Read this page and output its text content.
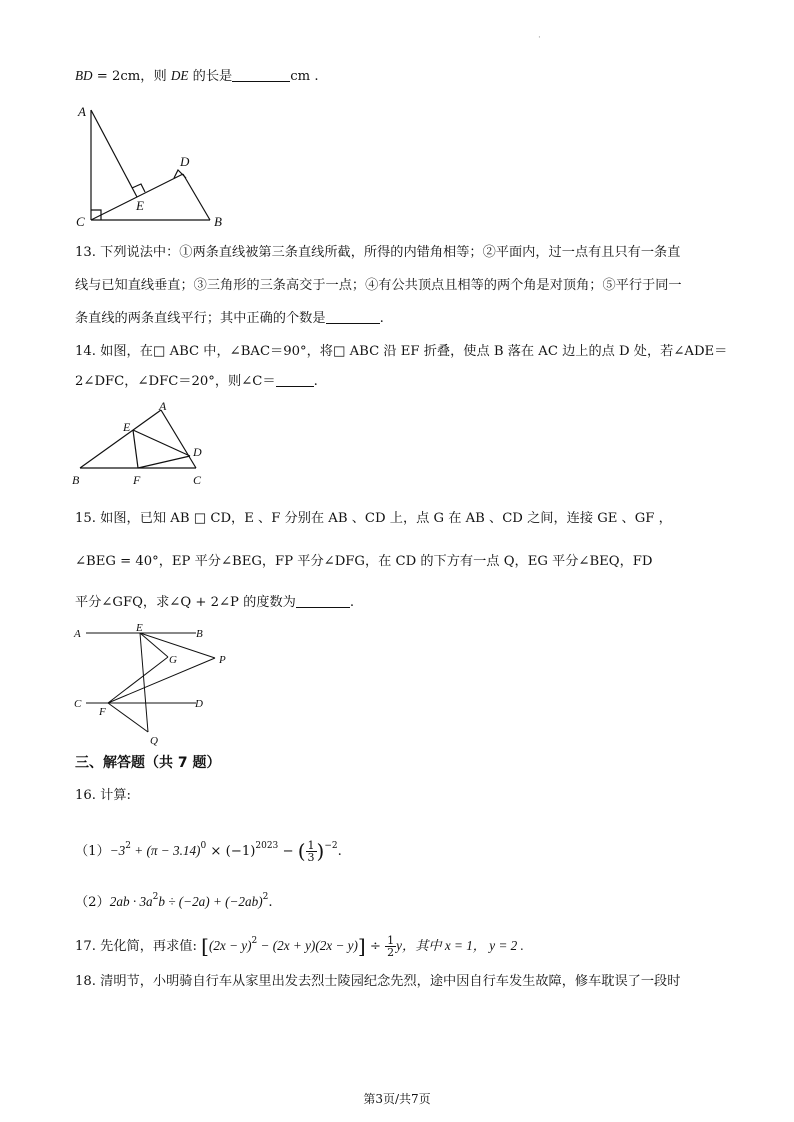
·
BD = 2cm，则 DE 的长是	cm .
A
C
D
E
B
13. 下列说法中：①两条直线被第三条直线所截，所得的内错角相等；②平面内，过一点有且只有一条直
线与已知直线垂直；③三角形的三条高交于一点；④有公共顶点且相等的两个角是对顶角；⑤平行于同一
条直线的两条直线平行；其中正确的个数是	.
14. 如图，在□ ABC 中，∠BAC＝90°，将□ ABC 沿 EF 折叠，使点 B 落在 AC 边上的点 D 处，若∠ADE＝
2∠DFC，∠DFC＝20°，则∠C＝	.
A
E
D
B	F	C
15. 如图，已知 AB □ CD，E 、F 分别在 AB 、CD 上，点 G 在 AB 、CD 之间，连接 GE 、GF ，
∠BEG = 40°，EP 平分∠BEG，FP 平分∠DFG，在 CD 的下方有一点 Q，EG 平分∠BEQ，FD
平分∠GFQ，求∠Q + 2∠P 的度数为	.
A	E	B
G	P
C
F
D
Q
三、解答题（共 7 题）
16. 计算:
$(1)-3^2 + (\pi - 3.14)^0 \times (-1)^{2023}$ − ( $\frac{1}{3} )^{-2}$.
$(2)2ab \cdot 3a^2b \div (-2a) + (-2ab)^2$.
17. 先化简，再求值: $[(2x - y)^2 - (2x + y)(2x - y)] \div \frac{1}{2}$ y，其中 x = 1， y = 2 .
18. 清明节，小明骑自行车从家里出发去烈士陵园纪念先烈，途中因自行车发生故障，修车耽误了一段时
第3页/共7页
